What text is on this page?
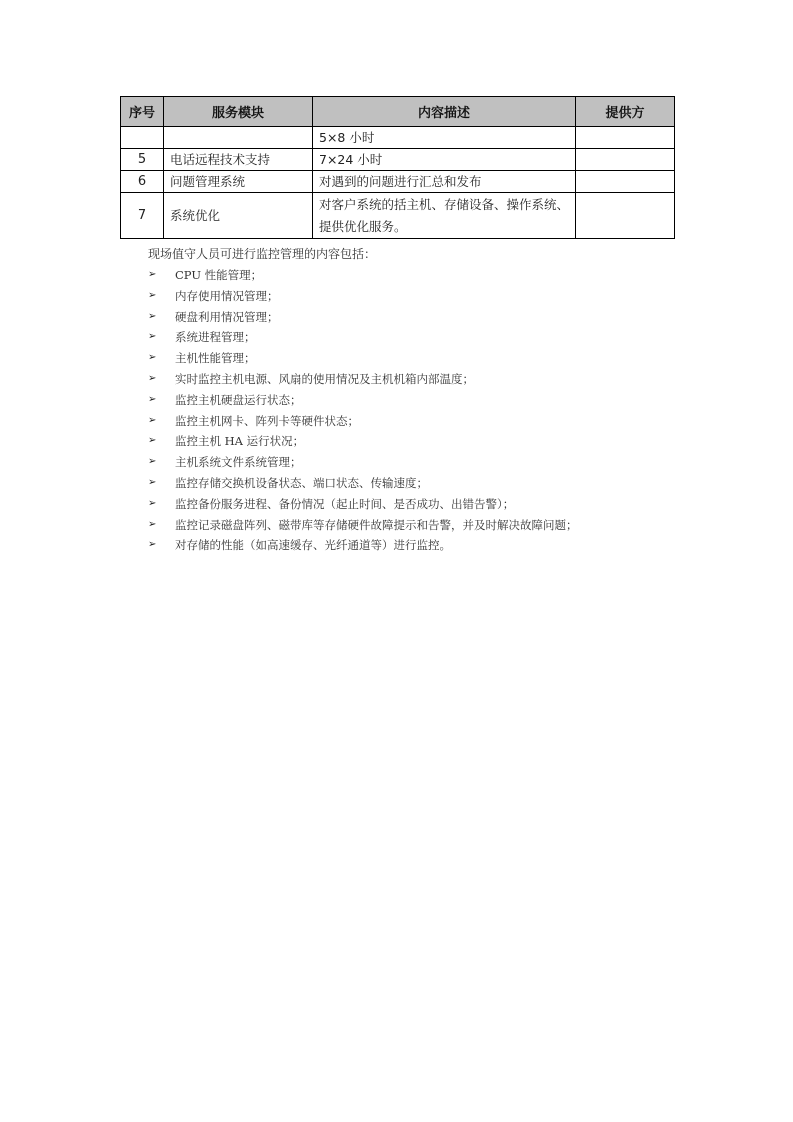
序号	服务模块	内容描述	提供方
		5×8 小时	
5	电话远程技术支持	7×24 小时	
6	问题管理系统	对遇到的问题进行汇总和发布	
7	系统优化	对客户系统的括主机、存储设备、操作系统、提供优化服务。	
现场值守人员可进行监控管理的内容包括：
➢	CPU 性能管理；
➢	内存使用情况管理；
➢	硬盘利用情况管理；
➢	系统进程管理；
➢	主机性能管理；
➢	实时监控主机电源、风扇的使用情况及主机机箱内部温度；
➢	监控主机硬盘运行状态；
➢	监控主机网卡、阵列卡等硬件状态；
➢	监控主机 HA 运行状况；
➢	主机系统文件系统管理；
➢	监控存储交换机设备状态、端口状态、传输速度；
➢	监控备份服务进程、备份情况（起止时间、是否成功、出错告警）；
➢	监控记录磁盘阵列、磁带库等存储硬件故障提示和告警，并及时解决故障问题；
➢	对存储的性能（如高速缓存、光纤通道等）进行监控。
